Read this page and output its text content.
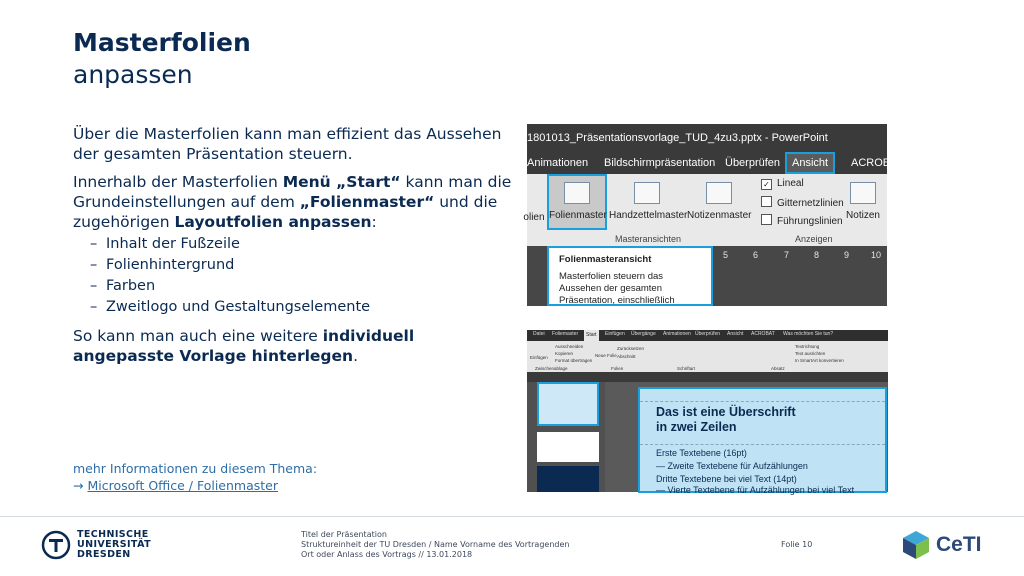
Masterfolien
anpassen

Über die Masterfolien kann man effizient das Aussehen der gesamten Präsentation steuern.

Innerhalb der Masterfolien Menü „Start“ kann man die Grundeinstellungen auf dem „Folienmaster“ und die zugehörigen Layoutfolien anpassen:

– Inhalt der Fußzeile
– Folienhintergrund
– Farben
– Zweitlogo und Gestaltungselemente

So kann man auch eine weitere individuell angepasste Vorlage hinterlegen.

mehr Informationen zu diesem Thema:
→ Microsoft Office / Folienmaster
1801013_Präsentationsvorlage_TUD_4zu3.pptx - PowerPoint
Animationen Bildschirmpräsentation Überprüfen	Ansicht	ACROBA
olien Folienmaster Handzettelmaster Notizenmaster
✓ Lineal
Gitternetzlinien
Führungslinien
Notizen
Masteransichten	Anzeigen
5	6	7	8	9 10
Folienmasteransicht
Masterfolien steuern das Aussehen der gesamten Präsentation, einschließlich
Datei Foliemaster	Start	Einfügen Übergänge Animationen Überprüfen Ansicht ACROBAT Was möchten Sie tun?
Ausschneiden
Kopieren
Format übertragen
Einfügen	Neue Folie
Zurücksetzen
Abschnitt
Zwischenablage	Folien	Schriftart	Absatz
Textrichtung
Text ausrichten
In SmartArt konvertieren
Das ist eine Überschrift
in zwei Zeilen
Erste Textebene (16pt)
— Zweite Textebene für Aufzählungen
Dritte Textebene bei viel Text (14pt)
— Vierte Textebene für Aufzählungen bei viel Text
TECHNISCHE
UNIVERSITÄT
DRESDEN
Titel der Präsentation
Struktureinheit der TU Dresden / Name Vorname des Vortragenden
Ort oder Anlass des Vortrags // 13.01.2018
Folie 10	CeTI
